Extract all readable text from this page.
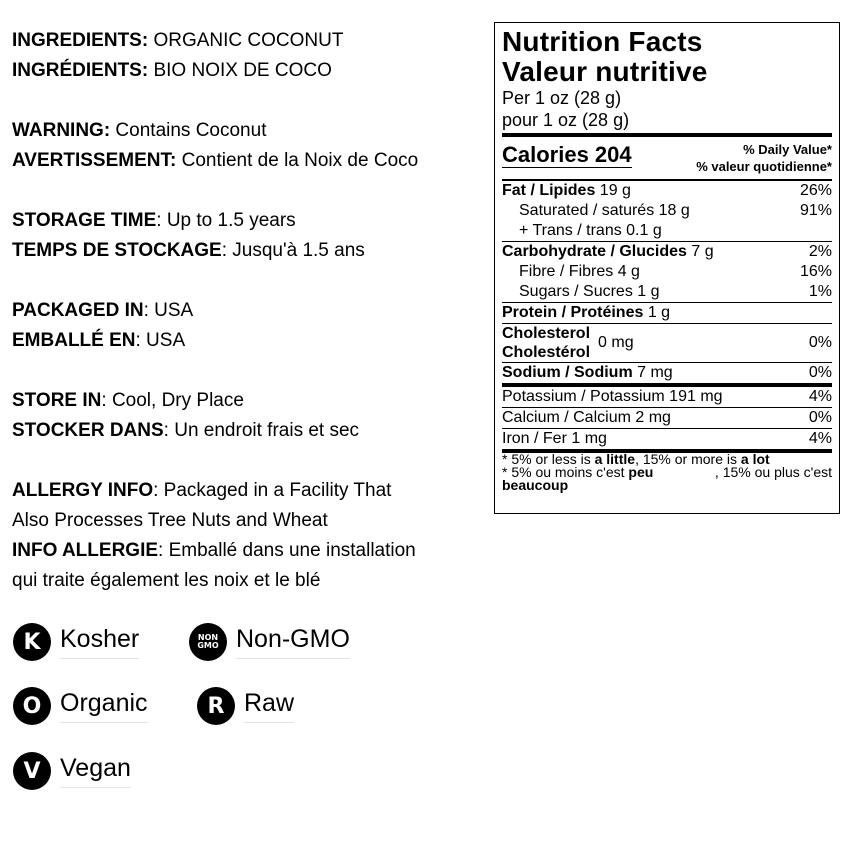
INGREDIENTS: ORGANIC COCONUT
INGRÉDIENTS: BIO NOIX DE COCO
WARNING: Contains Coconut
AVERTISSEMENT: Contient de la Noix de Coco
STORAGE TIME: Up to 1.5 years
TEMPS DE STOCKAGE: Jusqu'à 1.5 ans
PACKAGED IN: USA
EMBALLÉ EN: USA
STORE IN: Cool, Dry Place
STOCKER DANS: Un endroit frais et sec
ALLERGY INFO: Packaged in a Facility That
Also Processes Tree Nuts and Wheat
INFO ALLERGIE: Emballé dans une installation
qui traite également les noix et le blé
K Kosher	NON
GMO Non-GMO
O Organic	R Raw
V Vegan
Nutrition Facts
Valeur nutritive
Per 1 oz (28 g)
pour 1 oz (28 g)
Calories 204	% Daily Value*
% valeur quotidienne*
Fat / Lipides 19 g	26%
Saturated / saturés 18 g	91%
+ Trans / trans 0.1 g
Carbohydrate / Glucides 7 g	2%
Fibre / Fibres 4 g	16%
Sugars / Sucres 1 g	1%
Protein / Protéines 1 g
Cholesterol
Cholestérol
0 mg	0%
Sodium / Sodium 7 mg	0%
Potassium / Potassium 191 mg	4%
Calcium / Calcium 2 mg	0%
Iron / Fer 1 mg	4%
* 5% or less is a little, 15% or more is a lot
* 5% ou moins c'est peu	, 15% ou plus c'est
beaucoup
